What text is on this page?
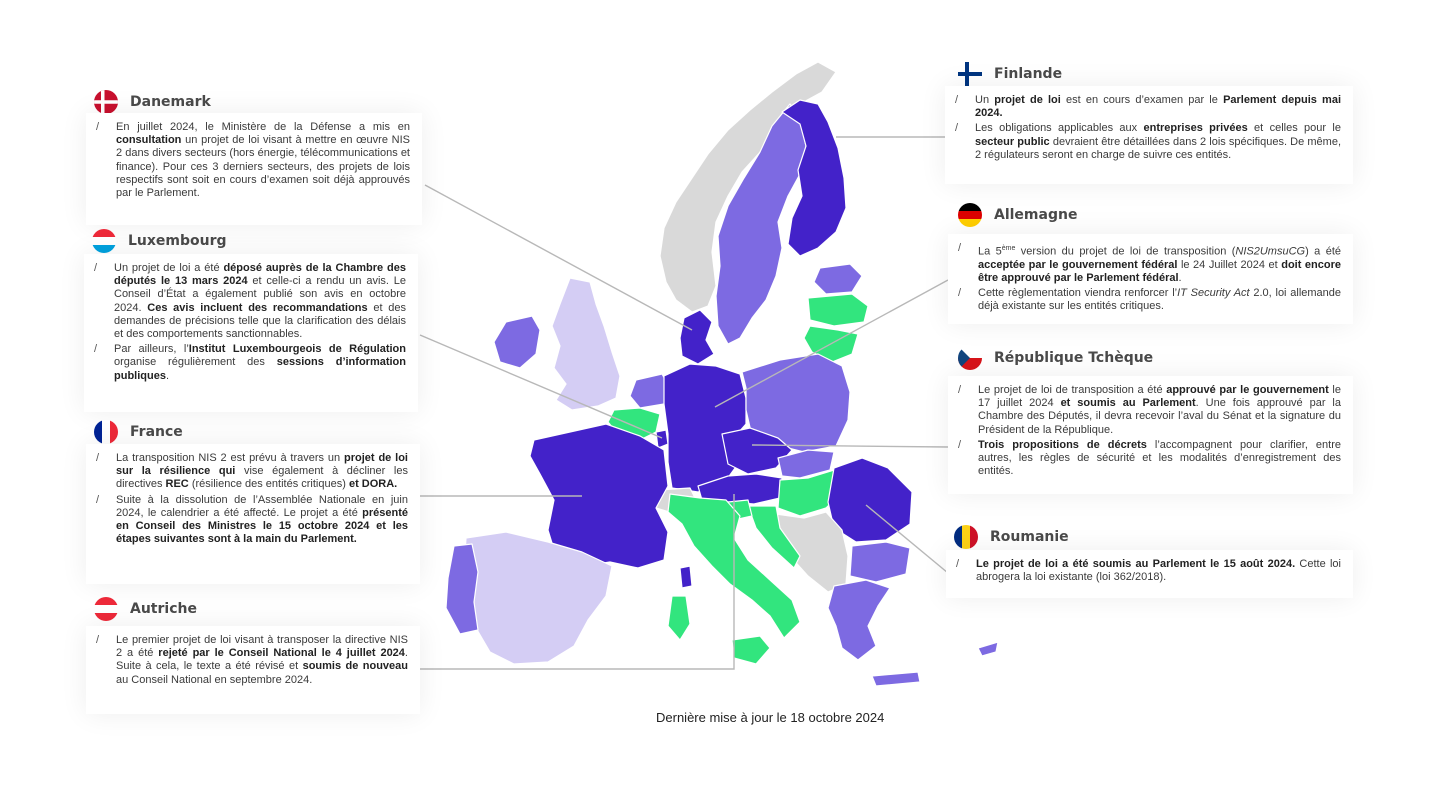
Danemark
/ En juillet 2024, le Ministère de la Défense a mis en consultation un projet de loi visant à mettre en œuvre NIS 2 dans divers secteurs (hors énergie, télécommunications et finance). Pour ces 3 derniers secteurs, des projets de lois respectifs sont soit en cours d’examen soit déjà approuvés par le Parlement.
Luxembourg
/ Un projet de loi a été déposé auprès de la Chambre des députés le 13 mars 2024 et celle-ci a rendu un avis. Le Conseil d’État a également publié son avis en octobre 2024. Ces avis incluent des recommandations et des demandes de précisions telle que la clarification des délais et des comportements sanctionnables.
/ Par ailleurs, l’Institut Luxembourgeois de Régulation organise régulièrement des sessions d’information publiques.
France
/ La transposition NIS 2 est prévu à travers un projet de loi sur la résilience qui vise également à décliner les directives REC (résilience des entités critiques) et DORA.
/ Suite à la dissolution de l’Assemblée Nationale en juin 2024, le calendrier a été affecté. Le projet a été présenté en Conseil des Ministres le 15 octobre 2024 et les étapes suivantes sont à la main du Parlement.
Autriche
/ Le premier projet de loi visant à transposer la directive NIS 2 a été rejeté par le Conseil National le 4 juillet 2024. Suite à cela, le texte a été révisé et soumis de nouveau au Conseil National en septembre 2024.
Finlande
/ Un projet de loi est en cours d’examen par le Parlement depuis mai 2024.
/ Les obligations applicables aux entreprises privées et celles pour le secteur public devraient être détaillées dans 2 lois spécifiques. De même, 2 régulateurs seront en charge de suivre ces entités.
Allemagne
/ La 5ème version du projet de loi de transposition (NIS2UmsuCG) a été acceptée par le gouvernement fédéral le 24 Juillet 2024 et doit encore être approuvé par le Parlement fédéral.
/ Cette règlementation viendra renforcer l’IT Security Act 2.0, loi allemande déjà existante sur les entités critiques.
République Tchèque
/ Le projet de loi de transposition a été approuvé par le gouvernement le 17 juillet 2024 et soumis au Parlement. Une fois approuvé par la Chambre des Députés, il devra recevoir l’aval du Sénat et la signature du Président de la République.
/ Trois propositions de décrets l’accompagnent pour clarifier, entre autres, les règles de sécurité et les modalités d’enregistrement des entités.
Roumanie
/ Le projet de loi a été soumis au Parlement le 15 août 2024. Cette loi abrogera la loi existante (loi 362/2018).
Dernière mise à jour le 18 octobre 2024
